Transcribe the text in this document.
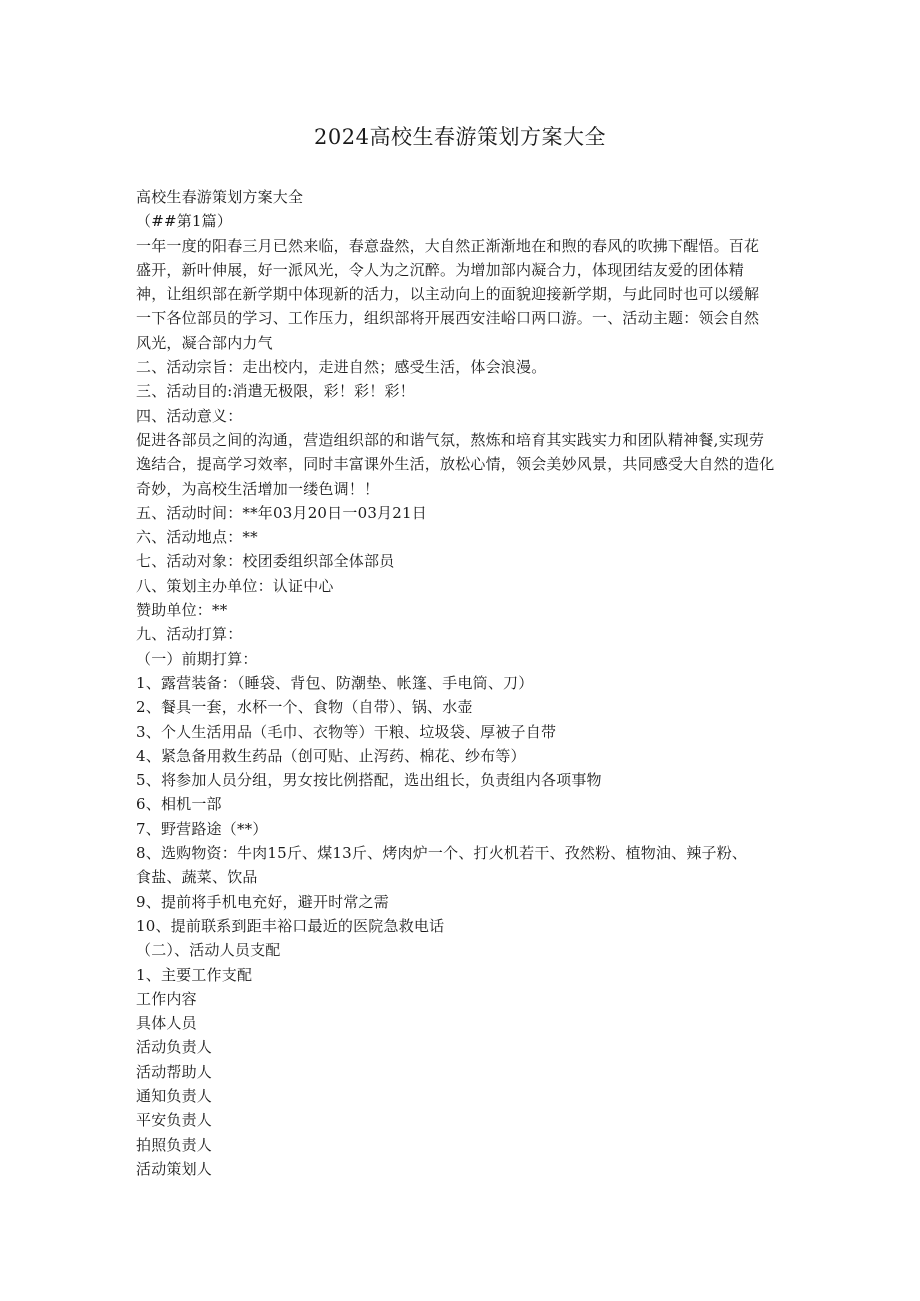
2024高校生春游策划方案大全
高校生春游策划方案大全
（##第1篇）
一年一度的阳春三月已然来临，春意盎然，大自然正渐渐地在和煦的春风的吹拂下醒悟。百花
盛开，新叶伸展，好一派风光，令人为之沉醉。为增加部内凝合力，体现团结友爱的团体精
神，让组织部在新学期中体现新的活力，以主动向上的面貌迎接新学期，与此同时也可以缓解
一下各位部员的学习、工作压力，组织部将开展西安洼峪口两口游。一、活动主题：领会自然
风光，凝合部内力气
二、活动宗旨：走出校内，走进自然；感受生活，体会浪漫。
三、活动目的:消遣无极限，彩！彩！彩！
四、活动意义：
促进各部员之间的沟通，营造组织部的和谐气氛，熬炼和培育其实践实力和团队精神餐,实现劳
逸结合，提高学习效率，同时丰富课外生活，放松心情，领会美妙风景，共同感受大自然的造化
奇妙，为高校生活增加一缕色调！！
五、活动时间：**年03月20日一03月21日
六、活动地点：**
七、活动对象：校团委组织部全体部员
八、策划主办单位：认证中心
赞助单位：**
九、活动打算：
（一）前期打算：
1、露营装备：（睡袋、背包、防潮垫、帐篷、手电筒、刀）
2、餐具一套，水杯一个、食物（自带）、锅、水壶
3、个人生活用品（毛巾、衣物等）干粮、垃圾袋、厚被子自带
4、紧急备用救生药品（创可贴、止泻药、棉花、纱布等）
5、将参加人员分组，男女按比例搭配，选出组长，负责组内各项事物
6、相机一部
7、野营路途（**）
8、选购物资：牛肉15斤、煤13斤、烤肉炉一个、打火机若干、孜然粉、植物油、辣子粉、
食盐、蔬菜、饮品
9、提前将手机电充好，避开时常之需
10、提前联系到距丰裕口最近的医院急救电话
（二）、活动人员支配
1、主要工作支配
工作内容
具体人员
活动负责人
活动帮助人
通知负责人
平安负责人
拍照负责人
活动策划人
